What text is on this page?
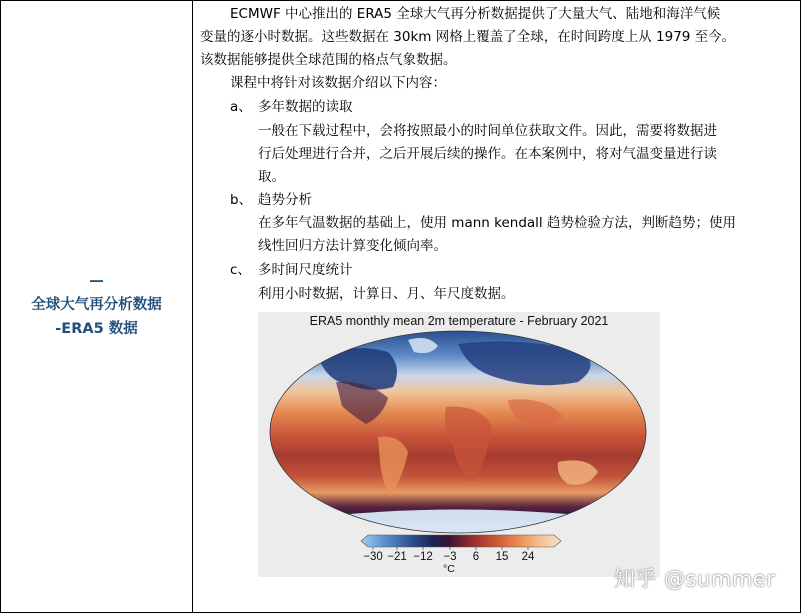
—
全球大气再分析数据
-ERA5 数据
ECMWF 中心推出的 ERA5 全球大气再分析数据提供了大量大气、陆地和海洋气候
变量的逐小时数据。这些数据在 30km 网格上覆盖了全球，在时间跨度上从 1979 至今。
该数据能够提供全球范围的格点气象数据。
课程中将针对该数据介绍以下内容：
a、 多年数据的读取
一般在下载过程中，会将按照最小的时间单位获取文件。因此，需要将数据进
行后处理进行合并，之后开展后续的操作。在本案例中，将对气温变量进行读
取。
b、 趋势分析
在多年气温数据的基础上，使用 mann kendall 趋势检验方法，判断趋势；使用
线性回归方法计算变化倾向率。
c、 多时间尺度统计
利用小时数据，计算日、月、年尺度数据。
ERA5 monthly mean 2m temperature - February 2021
−30 −21 −12 −3	6	15	24
°C	知乎 @summer
